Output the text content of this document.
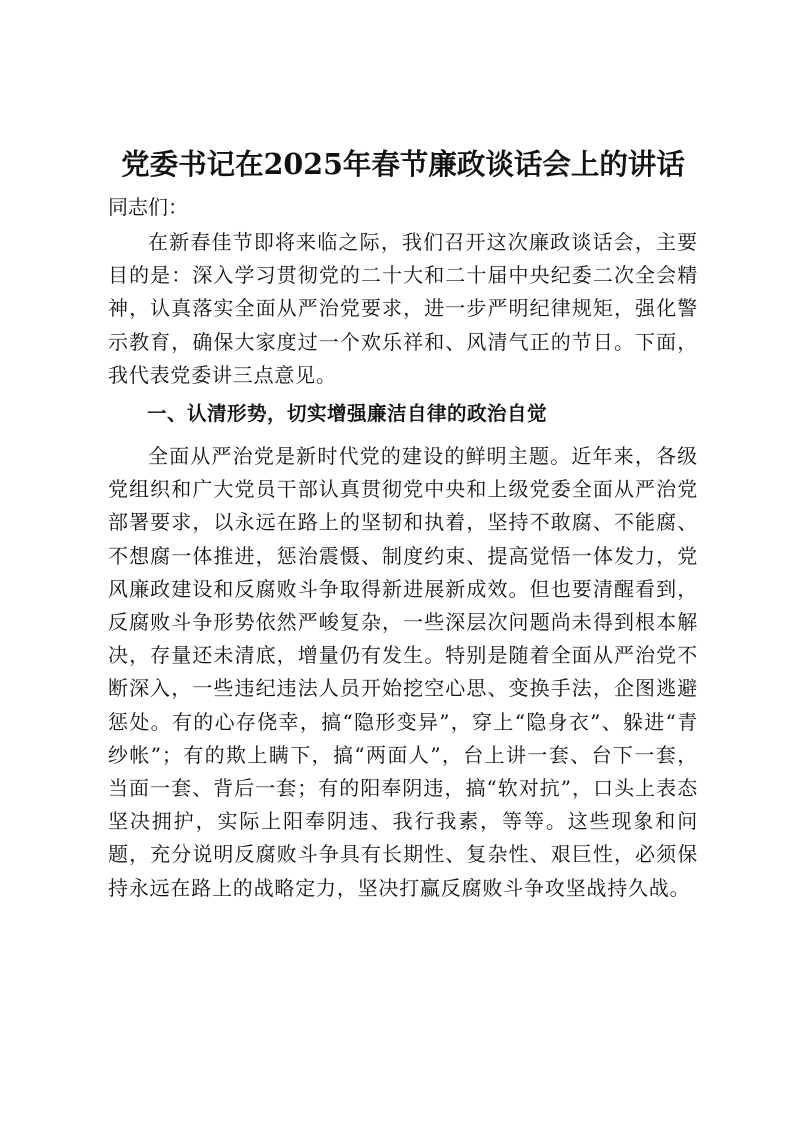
党委书记在2025年春节廉政谈话会上的讲话

同志们：

在新春佳节即将来临之际，我们召开这次廉政谈话会，主要目的是：深入学习贯彻党的二十大和二十届中央纪委二次全会精神，认真落实全面从严治党要求，进一步严明纪律规矩，强化警示教育，确保大家度过一个欢乐祥和、风清气正的节日。下面，我代表党委讲三点意见。

一、认清形势，切实增强廉洁自律的政治自觉

全面从严治党是新时代党的建设的鲜明主题。近年来，各级党组织和广大党员干部认真贯彻党中央和上级党委全面从严治党部署要求，以永远在路上的坚韧和执着，坚持不敢腐、不能腐、不想腐一体推进，惩治震慑、制度约束、提高觉悟一体发力，党风廉政建设和反腐败斗争取得新进展新成效。但也要清醒看到，反腐败斗争形势依然严峻复杂，一些深层次问题尚未得到根本解决，存量还未清底，增量仍有发生。特别是随着全面从严治党不断深入，一些违纪违法人员开始挖空心思、变换手法，企图逃避惩处。有的心存侥幸，搞“隐形变异”，穿上“隐身衣”、躲进“青纱帐”；有的欺上瞒下，搞“两面人”，台上讲一套、台下一套，当面一套、背后一套；有的阳奉阴违，搞“软对抗”，口头上表态坚决拥护，实际上阳奉阴违、我行我素，等等。这些现象和问题，充分说明反腐败斗争具有长期性、复杂性、艰巨性，必须保持永远在路上的战略定力，坚决打赢反腐败斗争攻坚战持久战。
